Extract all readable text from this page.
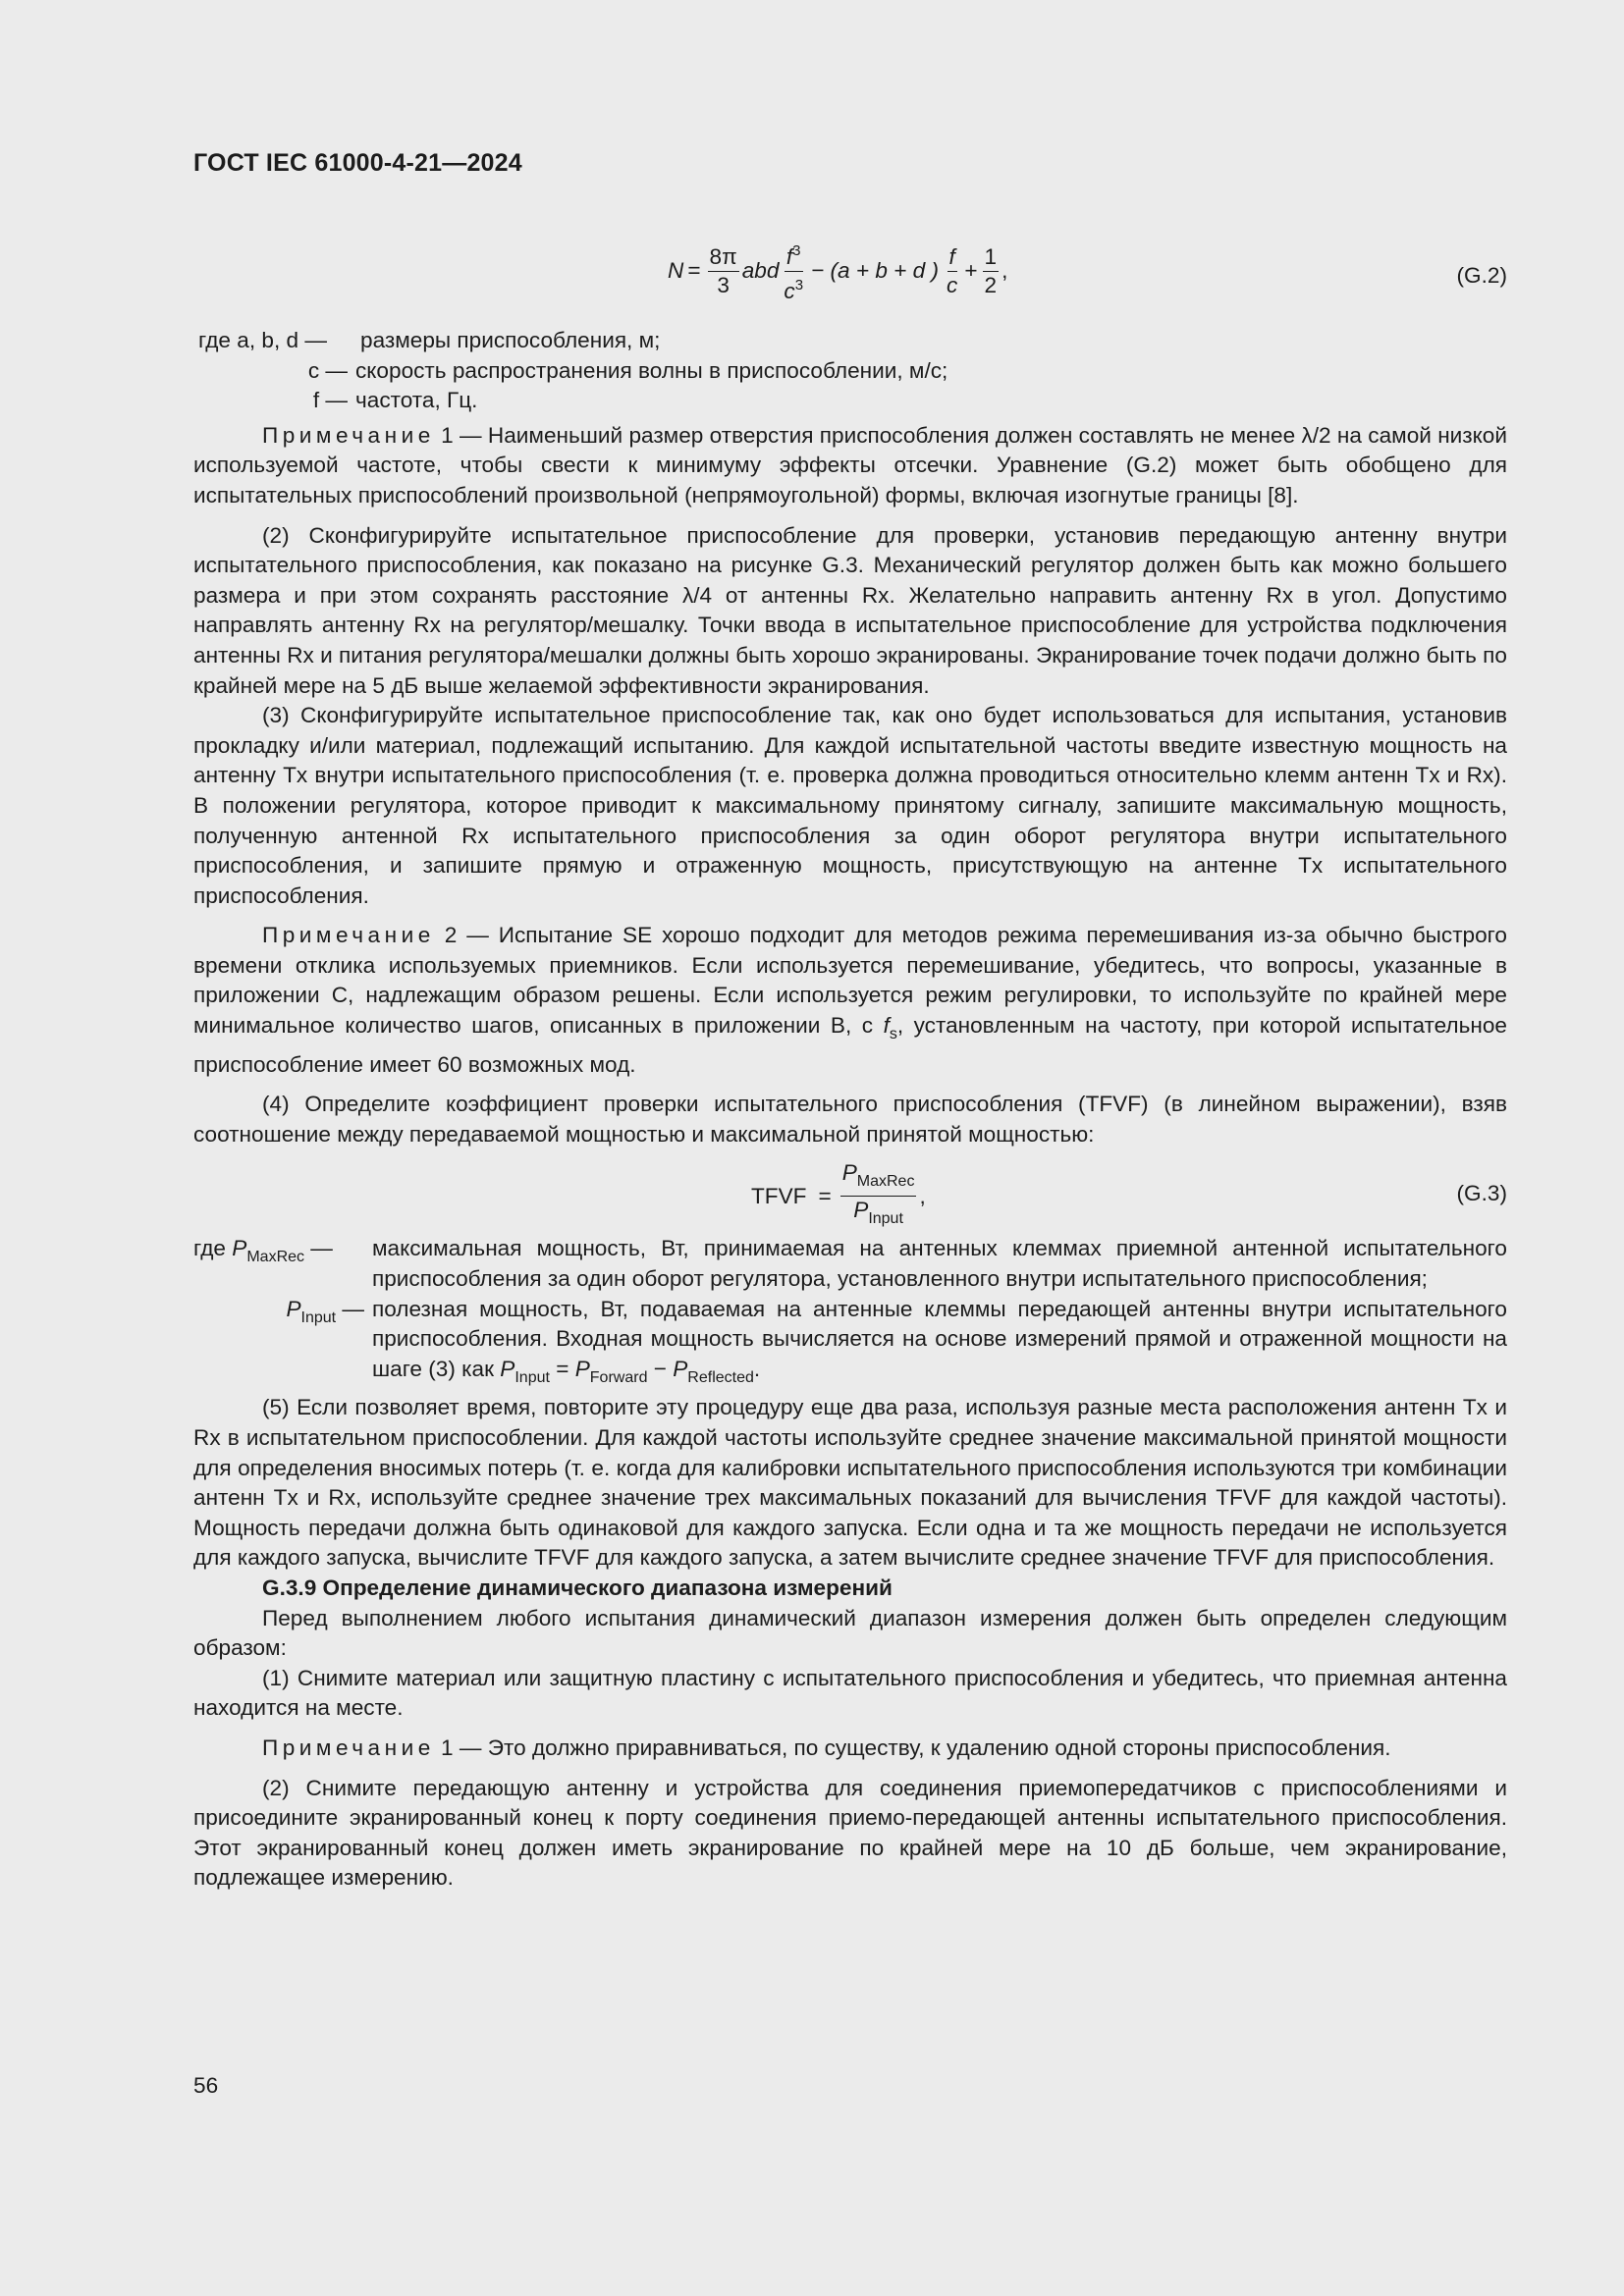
ГОСТ IEC 61000-4-21—2024
$N = \frac{8\pi}{3}$ abd $\frac{f^3}{c^3} - (a + b + d$ ) $\frac{f}{c} + \frac{1}{2}$ ,	(G.2)
где a, b, d —	размеры приспособления, м;
c — скорость распространения волны в приспособлении, м/с;
f — частота, Гц.

Примечание 1 — Наименьший размер отверстия приспособления должен составлять не менее λ/2 на самой низкой используемой частоте, чтобы свести к минимуму эффекты отсечки. Уравнение (G.2) может быть обобщено для испытательных приспособлений произвольной (непрямоугольной) формы, включая изогнутые границы [8].

(2) Сконфигурируйте испытательное приспособление для проверки, установив передающую антенну внутри испытательного приспособления, как показано на рисунке G.3. Механический регулятор должен быть как можно большего размера и при этом сохранять расстояние λ/4 от антенны Rx. Желательно направить антенну Rx в угол. Допустимо направлять антенну Rx на регулятор/мешалку. Точки ввода в испытательное приспособление для устройства подключения антенны Rx и питания регулятора/мешалки должны быть хорошо экранированы. Экранирование точек подачи должно быть по крайней мере на 5 дБ выше желаемой эффективности экранирования.

(3) Сконфигурируйте испытательное приспособление так, как оно будет использоваться для испытания, установив прокладку и/или материал, подлежащий испытанию. Для каждой испытательной частоты введите известную мощность на антенну Tx внутри испытательного приспособления (т. е. проверка должна проводиться относительно клемм антенн Tx и Rx). В положении регулятора, которое приводит к максимальному принятому сигналу, запишите максимальную мощность, полученную антенной Rx испытательного приспособления за один оборот регулятора внутри испытательного приспособления, и запишите прямую и отраженную мощность, присутствующую на антенне Tx испытательного приспособления.

Примечание 2 — Испытание SE хорошо подходит для методов режима перемешивания из-за обычно быстрого времени отклика используемых приемников. Если используется перемешивание, убедитесь, что вопросы, указанные в приложении C, надлежащим образом решены. Если используется режим регулировки, то используйте по крайней мере минимальное количество шагов, описанных в приложении B, с $f_s$, установленным на частоту, при которой испытательное приспособление имеет 60 возможных мод.

(4) Определите коэффициент проверки испытательного приспособления (TFVF) (в линейном выражении), взяв соотношение между передаваемой мощностью и максимальной принятой мощностью:

TFVF = $\frac{P_{MaxRec}}{P_{Input}}$ ,	(G.3)
где $P_{MaxRec}$ —	максимальная мощность, Вт, принимаемая на антенных клеммах приемной антенной испытательного приспособления за один оборот регулятора, установленного внутри испытательного приспособления;
$P_{Input}$ — полезная мощность, Вт, подаваемая на антенные клеммы передающей антенны внутри испытательного приспособления. Входная мощность вычисляется на основе измерений прямой и отраженной мощности на шаге (3) как $P_{Input} = P_{Forward} - P_{Reflected}$.

(5) Если позволяет время, повторите эту процедуру еще два раза, используя разные места расположения антенн Tx и Rx в испытательном приспособлении. Для каждой частоты используйте среднее значение максимальной принятой мощности для определения вносимых потерь (т. е. когда для калибровки испытательного приспособления используются три комбинации антенн Tx и Rx, используйте среднее значение трех максимальных показаний для вычисления TFVF для каждой частоты). Мощность передачи должна быть одинаковой для каждого запуска. Если одна и та же мощность передачи не используется для каждого запуска, вычислите TFVF для каждого запуска, а затем вычислите среднее значение TFVF для приспособления.

G.3.9 Определение динамического диапазона измерений

Перед выполнением любого испытания динамический диапазон измерения должен быть определен следующим образом:

(1) Снимите материал или защитную пластину с испытательного приспособления и убедитесь, что приемная антенна находится на месте.

Примечание 1 — Это должно приравниваться, по существу, к удалению одной стороны приспособления.

(2) Снимите передающую антенну и устройства для соединения приемопередатчиков с приспособлениями и присоедините экранированный конец к порту соединения приемо-передающей антенны испытательного приспособления. Этот экранированный конец должен иметь экранирование по крайней мере на 10 дБ больше, чем экранирование, подлежащее измерению.

56
